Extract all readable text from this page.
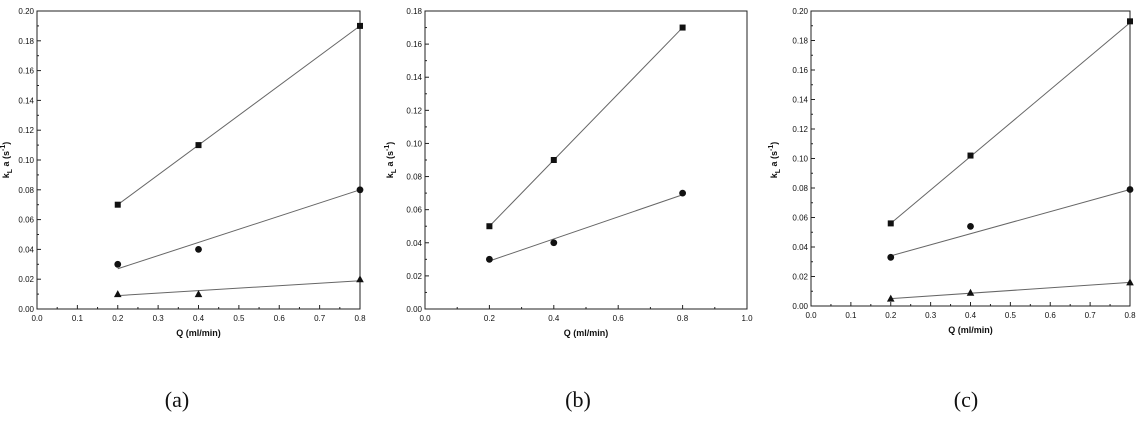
0.0	0.1	0.2	0.3	0.4	0.5	0.6	0.7	0.8
0.00
0.02
0.04
0.06
0.08
0.10
0.12
0.14
0.16
0.18
0.20
Q (ml/min)
$k_L$ a $(s^{-1})$
(a)
0.0	0.2	0.4	0.6	0.8	1.0
0.00
0.02
0.04
0.06
0.08
0.10
0.12
0.14
0.16
0.18
Q (ml/min)
$k_L$ a $(s^{-1})$
(b)
0.0	0.1	0.2	0.3	0.4	0.5	0.6	0.7	0.8
0.00
0.02
0.04
0.06
0.08
0.10
0.12
0.14
0.16
0.18
0.20
Q (ml/min)
$k_L$ a $(s^{-1})$
(c)
